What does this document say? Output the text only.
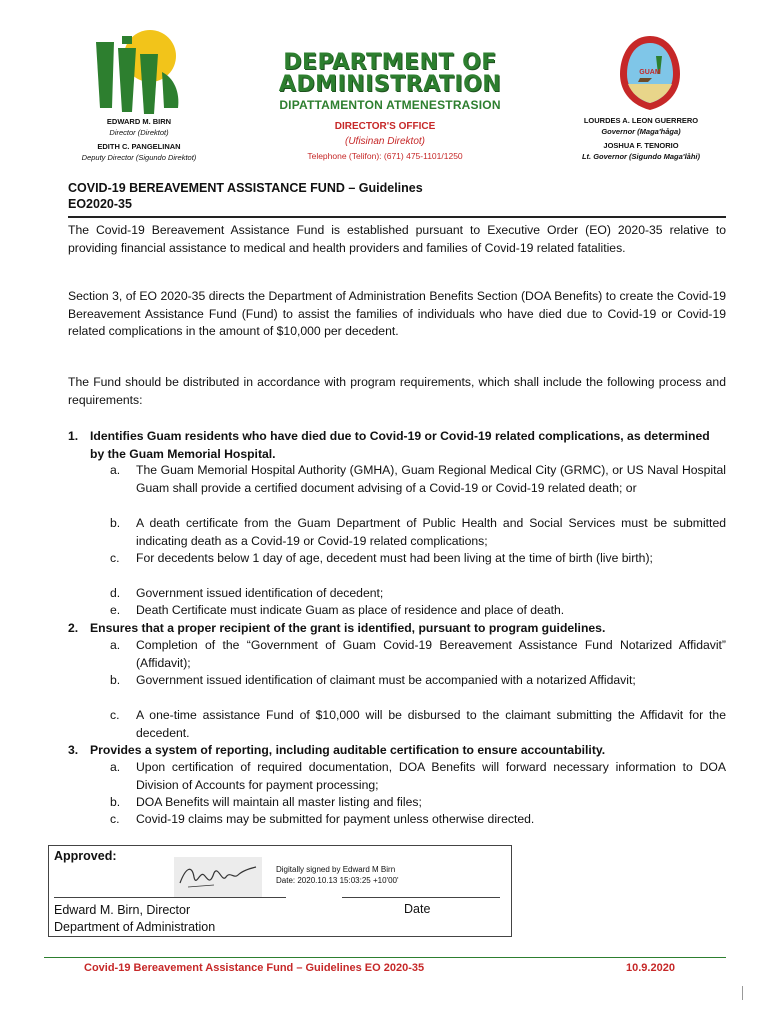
DEPARTMENT OF
ADMINISTRATION
DIPATTAMENTON ATMENESTRASION
DIRECTOR'S OFFICE
(Ufisinan Direktot)
Telephone (Telifon): (671) 475-1101/1250
EDWARD M. BIRN
Director (Direktot)
EDITH C. PANGELINAN
Deputy Director (Sigundo Direktot)
GUAM
LOURDES A. LEON GUERRERO
Governor (Maga'håga)
JOSHUA F. TENORIO
Lt. Governor (Sigundo Maga'låhi)
COVID-19 BEREAVEMENT ASSISTANCE FUND – Guidelines
EO2020-35
The Covid-19 Bereavement Assistance Fund is established pursuant to Executive Order (EO) 2020-35 relative to providing financial assistance to medical and health providers and families of Covid-19 related fatalities.
Section 3, of EO 2020-35 directs the Department of Administration Benefits Section (DOA Benefits) to create the Covid-19 Bereavement Assistance Fund (Fund) to assist the families of individuals who have died due to Covid-19 or Covid-19 related complications in the amount of $10,000 per decedent.
The Fund should be distributed in accordance with program requirements, which shall include the following process and requirements:
1. Identifies Guam residents who have died due to Covid-19 or Covid-19 related complications, as determined by the Guam Memorial Hospital.
a. The Guam Memorial Hospital Authority (GMHA), Guam Regional Medical City (GRMC), or US Naval Hospital Guam shall provide a certified document advising of a Covid-19 or Covid-19 related death; or
b. A death certificate from the Guam Department of Public Health and Social Services must be submitted indicating death as a Covid-19 or Covid-19 related complications;
c. For decedents below 1 day of age, decedent must had been living at the time of birth (live birth);
d. Government issued identification of decedent;
e. Death Certificate must indicate Guam as place of residence and place of death.
2. Ensures that a proper recipient of the grant is identified, pursuant to program guidelines.
a. Completion of the “Government of Guam Covid-19 Bereavement Assistance Fund Notarized Affidavit” (Affidavit);
b. Government issued identification of claimant must be accompanied with a notarized Affidavit;
c. A one-time assistance Fund of $10,000 will be disbursed to the claimant submitting the Affidavit for the decedent.
3. Provides a system of reporting, including auditable certification to ensure accountability.
a. Upon certification of required documentation, DOA Benefits will forward necessary information to DOA Division of Accounts for payment processing;
b. DOA Benefits will maintain all master listing and files;
c. Covid-19 claims may be submitted for payment unless otherwise directed.
Approved:
Digitally signed by Edward M Birn
Date: 2020.10.13 15:03:25 +10'00'
Edward M. Birn, Director
Department of Administration
Date
Covid-19 Bereavement Assistance Fund – Guidelines EO 2020-35	10.9.2020
